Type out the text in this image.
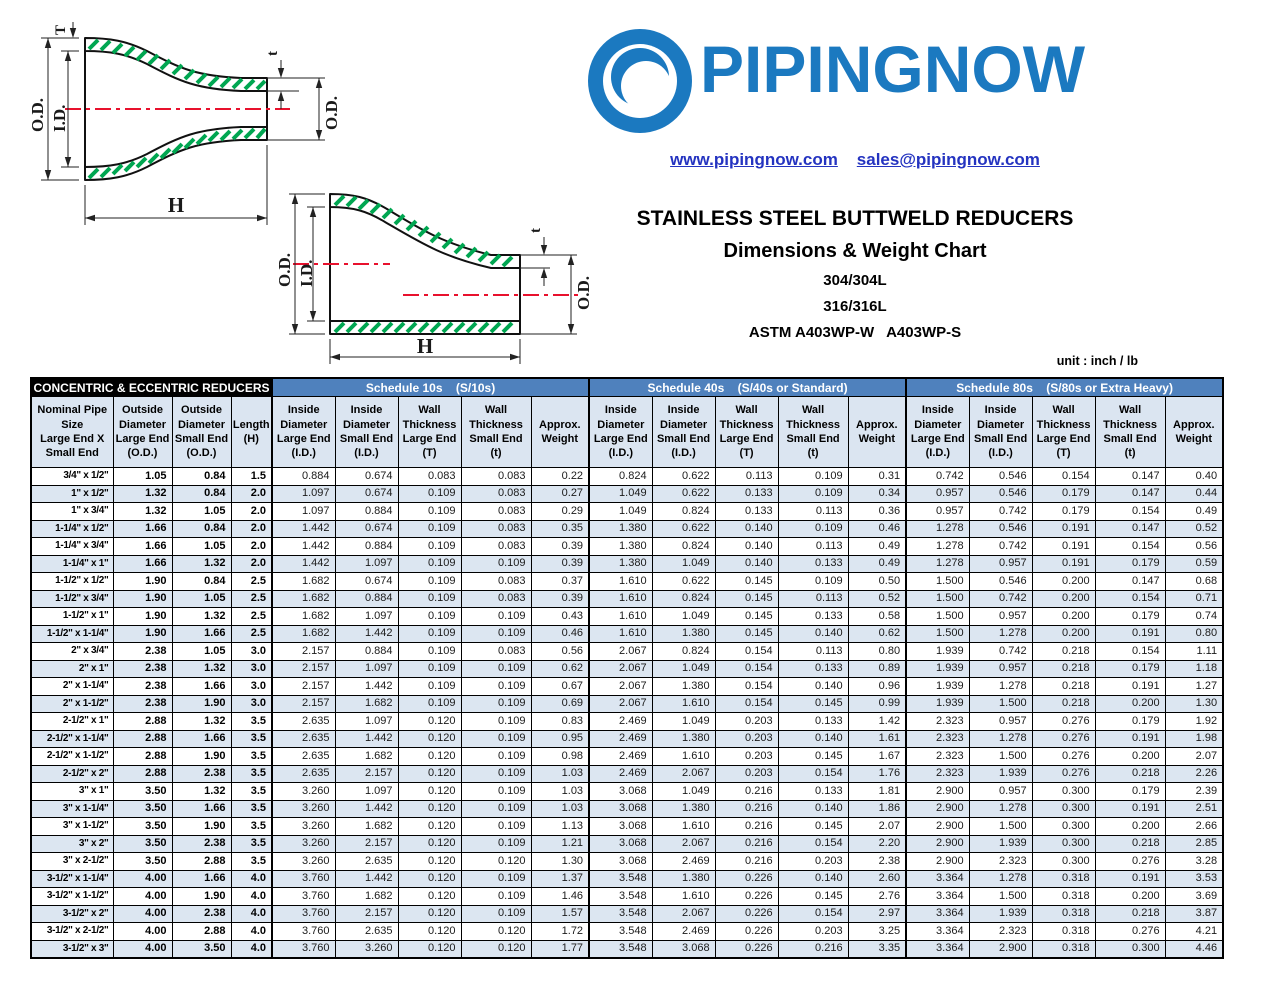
T
O.D. I.D.
t
O.D.
H
O.D. I.D.
t
O.D.
H
PIPINGNOW
www.pipingnow.com sales@pipingnow.com
STAINLESS STEEL BUTTWELD REDUCERS
Dimensions & Weight Chart
304/304L
316/316L
ASTM A403WP-W   A403WP-S
unit : inch / lb
CONCENTRIC & ECCENTRIC REDUCERS				Schedule 10s    (S/10s)					Schedule 40s    (S/40s or Standard)					Schedule 80s    (S/80s or Extra Heavy)				

Nominal Pipe
Size
Large End X
Small End

Outside
Diameter
Large End
(O.D.)

Outside
Diameter
Small End
(O.D.)

Length
(H)

Inside
Diameter
Large End
(I.D.)

Inside
Diameter
Small End
(I.D.)

Wall
Thickness
Large End
(T)

Wall
Thickness
Small End
(t)

Approx.
Weight

Inside
Diameter
Large End
(I.D.)

Inside
Diameter
Small End
(I.D.)

Wall
Thickness
Large End
(T)

Wall
Thickness
Small End
(t)

Approx.
Weight

Inside
Diameter
Large End
(I.D.)

Inside
Diameter
Small End
(I.D.)

Wall
Thickness
Large End
(T)

Wall
Thickness
Small End
(t)

Approx.
Weight

3/4" x 1/2"	1.05	0.84	1.5	0.884	0.674	0.083	0.083	0.22	0.824	0.622	0.113	0.109	0.31	0.742	0.546	0.154	0.147	0.40
1" x 1/2"	1.32	0.84	2.0	1.097	0.674	0.109	0.083	0.27	1.049	0.622	0.133	0.109	0.34	0.957	0.546	0.179	0.147	0.44
1" x 3/4"	1.32	1.05	2.0	1.097	0.884	0.109	0.083	0.29	1.049	0.824	0.133	0.113	0.36	0.957	0.742	0.179	0.154	0.49
1-1/4" x 1/2"	1.66	0.84	2.0	1.442	0.674	0.109	0.083	0.35	1.380	0.622	0.140	0.109	0.46	1.278	0.546	0.191	0.147	0.52
1-1/4" x 3/4"	1.66	1.05	2.0	1.442	0.884	0.109	0.083	0.39	1.380	0.824	0.140	0.113	0.49	1.278	0.742	0.191	0.154	0.56
1-1/4" x 1"	1.66	1.32	2.0	1.442	1.097	0.109	0.109	0.39	1.380	1.049	0.140	0.133	0.49	1.278	0.957	0.191	0.179	0.59
1-1/2" x 1/2"	1.90	0.84	2.5	1.682	0.674	0.109	0.083	0.37	1.610	0.622	0.145	0.109	0.50	1.500	0.546	0.200	0.147	0.68
1-1/2" x 3/4"	1.90	1.05	2.5	1.682	0.884	0.109	0.083	0.39	1.610	0.824	0.145	0.113	0.52	1.500	0.742	0.200	0.154	0.71
1-1/2" x 1"	1.90	1.32	2.5	1.682	1.097	0.109	0.109	0.43	1.610	1.049	0.145	0.133	0.58	1.500	0.957	0.200	0.179	0.74
1-1/2" x 1-1/4"	1.90	1.66	2.5	1.682	1.442	0.109	0.109	0.46	1.610	1.380	0.145	0.140	0.62	1.500	1.278	0.200	0.191	0.80
2" x 3/4"	2.38	1.05	3.0	2.157	0.884	0.109	0.083	0.56	2.067	0.824	0.154	0.113	0.80	1.939	0.742	0.218	0.154	1.11
2" x 1"	2.38	1.32	3.0	2.157	1.097	0.109	0.109	0.62	2.067	1.049	0.154	0.133	0.89	1.939	0.957	0.218	0.179	1.18
2" x 1-1/4"	2.38	1.66	3.0	2.157	1.442	0.109	0.109	0.67	2.067	1.380	0.154	0.140	0.96	1.939	1.278	0.218	0.191	1.27
2" x 1-1/2"	2.38	1.90	3.0	2.157	1.682	0.109	0.109	0.69	2.067	1.610	0.154	0.145	0.99	1.939	1.500	0.218	0.200	1.30
2-1/2" x 1"	2.88	1.32	3.5	2.635	1.097	0.120	0.109	0.83	2.469	1.049	0.203	0.133	1.42	2.323	0.957	0.276	0.179	1.92
2-1/2" x 1-1/4"	2.88	1.66	3.5	2.635	1.442	0.120	0.109	0.95	2.469	1.380	0.203	0.140	1.61	2.323	1.278	0.276	0.191	1.98
2-1/2" x 1-1/2"	2.88	1.90	3.5	2.635	1.682	0.120	0.109	0.98	2.469	1.610	0.203	0.145	1.67	2.323	1.500	0.276	0.200	2.07
2-1/2" x 2"	2.88	2.38	3.5	2.635	2.157	0.120	0.109	1.03	2.469	2.067	0.203	0.154	1.76	2.323	1.939	0.276	0.218	2.26
3" x 1"	3.50	1.32	3.5	3.260	1.097	0.120	0.109	1.03	3.068	1.049	0.216	0.133	1.81	2.900	0.957	0.300	0.179	2.39
3" x 1-1/4"	3.50	1.66	3.5	3.260	1.442	0.120	0.109	1.03	3.068	1.380	0.216	0.140	1.86	2.900	1.278	0.300	0.191	2.51
3" x 1-1/2"	3.50	1.90	3.5	3.260	1.682	0.120	0.109	1.13	3.068	1.610	0.216	0.145	2.07	2.900	1.500	0.300	0.200	2.66
3" x 2"	3.50	2.38	3.5	3.260	2.157	0.120	0.109	1.21	3.068	2.067	0.216	0.154	2.20	2.900	1.939	0.300	0.218	2.85
3" x 2-1/2"	3.50	2.88	3.5	3.260	2.635	0.120	0.120	1.30	3.068	2.469	0.216	0.203	2.38	2.900	2.323	0.300	0.276	3.28
3-1/2" x 1-1/4"	4.00	1.66	4.0	3.760	1.442	0.120	0.109	1.37	3.548	1.380	0.226	0.140	2.60	3.364	1.278	0.318	0.191	3.53
3-1/2" x 1-1/2"	4.00	1.90	4.0	3.760	1.682	0.120	0.109	1.46	3.548	1.610	0.226	0.145	2.76	3.364	1.500	0.318	0.200	3.69
3-1/2" x 2"	4.00	2.38	4.0	3.760	2.157	0.120	0.109	1.57	3.548	2.067	0.226	0.154	2.97	3.364	1.939	0.318	0.218	3.87
3-1/2" x 2-1/2"	4.00	2.88	4.0	3.760	2.635	0.120	0.120	1.72	3.548	2.469	0.226	0.203	3.25	3.364	2.323	0.318	0.276	4.21
3-1/2" x 3"	4.00	3.50	4.0	3.760	3.260	0.120	0.120	1.77	3.548	3.068	0.226	0.216	3.35	3.364	2.900	0.318	0.300	4.46
